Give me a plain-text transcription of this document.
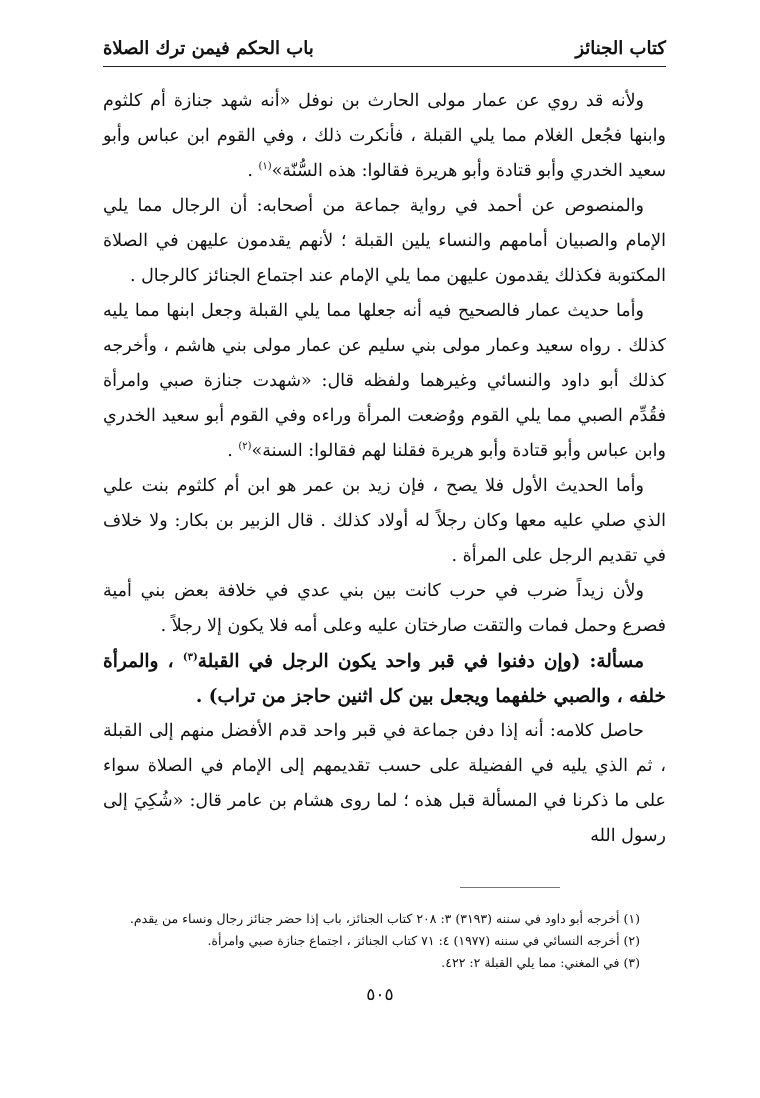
كتاب الجنائز
باب الحكم فيمن ترك الصلاة

ولأنه قد روي عن عمار مولى الحارث بن نوفل «أنه شهد جنازة أم كلثوم وابنها فجُعل الغلام مما يلي القبلة ، فأنكرت ذلك ، وفي القوم ابن عباس وأبو سعيد الخدري وأبو قتادة وأبو هريرة فقالوا: هذه السُّنّة»$^{(١)}$ .

والمنصوص عن أحمد في رواية جماعة من أصحابه: أن الرجال مما يلي الإمام والصبيان أمامهم والنساء يلين القبلة ؛ لأنهم يقدمون عليهن في الصلاة المكتوبة فكذلك يقدمون عليهن مما يلي الإمام عند اجتماع الجنائز كالرجال .

وأما حديث عمار فالصحيح فيه أنه جعلها مما يلي القبلة وجعل ابنها مما يليه كذلك . رواه سعيد وعمار مولى بني سليم عن عمار مولى بني هاشم ، وأخرجه كذلك أبو داود والنسائي وغيرهما ولفظه قال: «شهدت جنازة صبي وامرأة فقُدِّم الصبي مما يلي القوم ووُضعت المرأة وراءه وفي القوم أبو سعيد الخدري وابن عباس وأبو قتادة وأبو هريرة فقلنا لهم فقالوا: السنة»$^{(٢)}$ .

وأما الحديث الأول فلا يصح ، فإن زيد بن عمر هو ابن أم كلثوم بنت علي الذي صلي عليه معها وكان رجلاً له أولاد كذلك . قال الزبير بن بكار: ولا خلاف في تقديم الرجل على المرأة .

ولأن زيداً ضرب في حرب كانت بين بني عدي في خلافة بعض بني أمية فصرع وحمل فمات والتقت صارختان عليه وعلى أمه فلا يكون إلا رجلاً .

مسألة: (وإن دفنوا في قبر واحد يكون الرجل في القبلة$^{(٣)}$ ، والمرأة خلفه ، والصبي خلفهما ويجعل بين كل اثنين حاجز من تراب) .

حاصل كلامه: أنه إذا دفن جماعة في قبر واحد قدم الأفضل منهم إلى القبلة ، ثم الذي يليه في الفضيلة على حسب تقديمهم إلى الإمام في الصلاة سواء على ما ذكرنا في المسألة قبل هذه ؛ لما روى هشام بن عامر قال: «شُكِيَ إلى رسول الله

(١) أخرجه أبو داود في سننه (٣١٩٣) ٣: ٢٠٨ كتاب الجنائز، باب إذا حضر جنائز رجال ونساء من يقدم.
(٢) أخرجه النسائي في سننه (١٩٧٧) ٤: ٧١ كتاب الجنائز ، اجتماع جنازة صبي وامرأة.
(٣) في المغني: مما يلي القبلة ٢: ٤٢٢.
٥٠٥
